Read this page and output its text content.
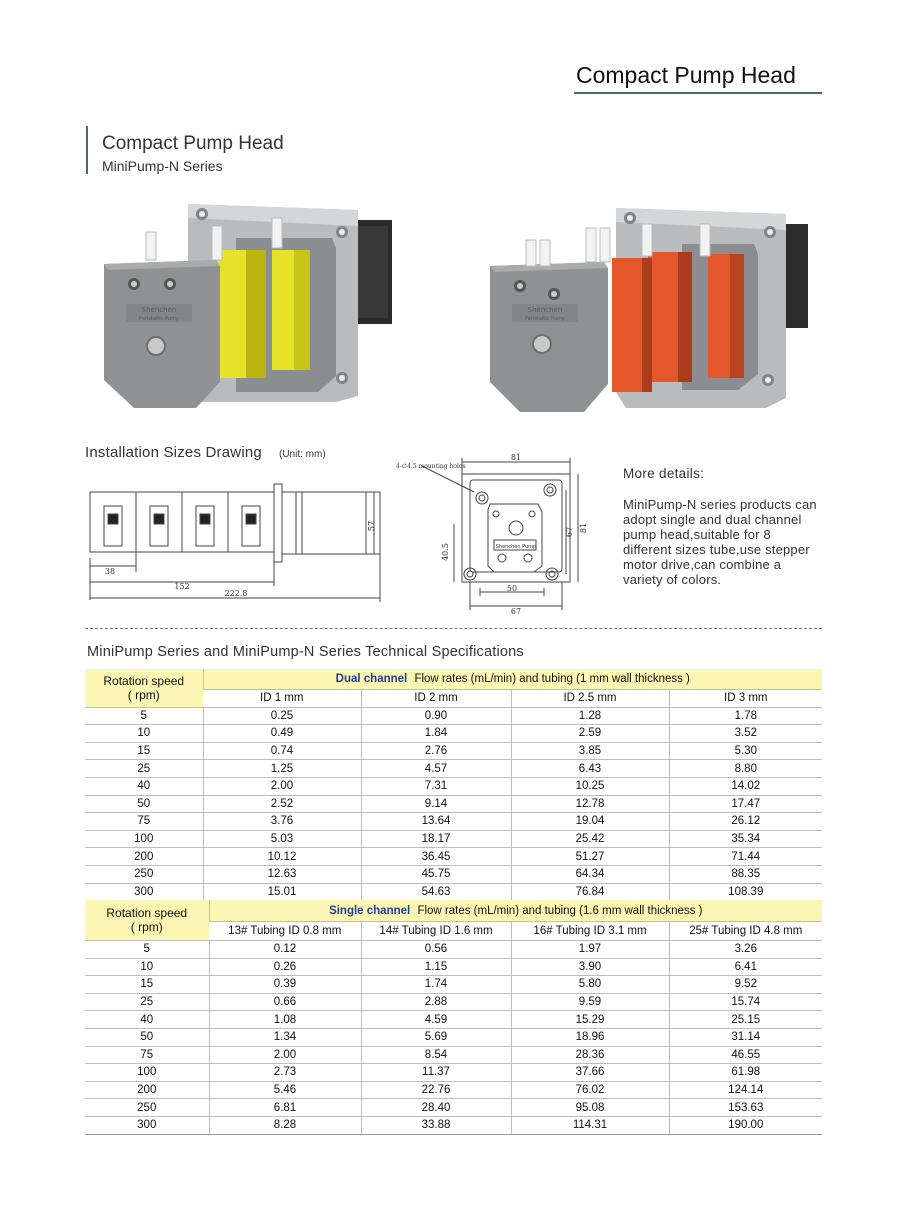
Compact Pump Head
Compact Pump Head
MiniPump-N Series
Shenchen
Peristaltic Pump
Shenchen
Peristaltic Pump
Installation Sizes Drawing (Unit: mm)
38
152
222.8
57
81
4-∅4.5 mounting holes
67 81
40.5
50
67
Shenchen Pump
More details:
MiniPump-N series products can adopt single and dual channel pump head,suitable for 8 different sizes tube,use stepper motor drive,can combine a variety of colors.
MiniPump Series and MiniPump-N Series Technical Specifications
Rotation speed
( rpm)	Dual channel Flow rates (mL/min) and tubing (1 mm wall thickness )			
	ID 1 mm	ID 2 mm	ID 2.5 mm	ID 3 mm
5	0.25	0.90	1.28	1.78
10	0.49	1.84	2.59	3.52
15	0.74	2.76	3.85	5.30
25	1.25	4.57	6.43	8.80
40	2.00	7.31	10.25	14.02
50	2.52	9.14	12.78	17.47
75	3.76	13.64	19.04	26.12
100	5.03	18.17	25.42	35.34
200	10.12	36.45	51.27	71.44
250	12.63	45.75	64.34	88.35
300	15.01	54.63	76.84	108.39
Rotation speed
( rpm)	Single channel Flow rates (mL/min) and tubing (1.6 mm wall thickness )			
	13# Tubing ID 0.8 mm	14# Tubing ID 1.6 mm	16# Tubing ID 3.1 mm	25# Tubing ID 4.8 mm
5	0.12	0.56	1.97	3.26
10	0.26	1.15	3.90	6.41
15	0.39	1.74	5.80	9.52
25	0.66	2.88	9.59	15.74
40	1.08	4.59	15.29	25.15
50	1.34	5.69	18.96	31.14
75	2.00	8.54	28.36	46.55
100	2.73	11.37	37.66	61.98
200	5.46	22.76	76.02	124.14
250	6.81	28.40	95.08	153.63
300	8.28	33.88	114.31	190.00
